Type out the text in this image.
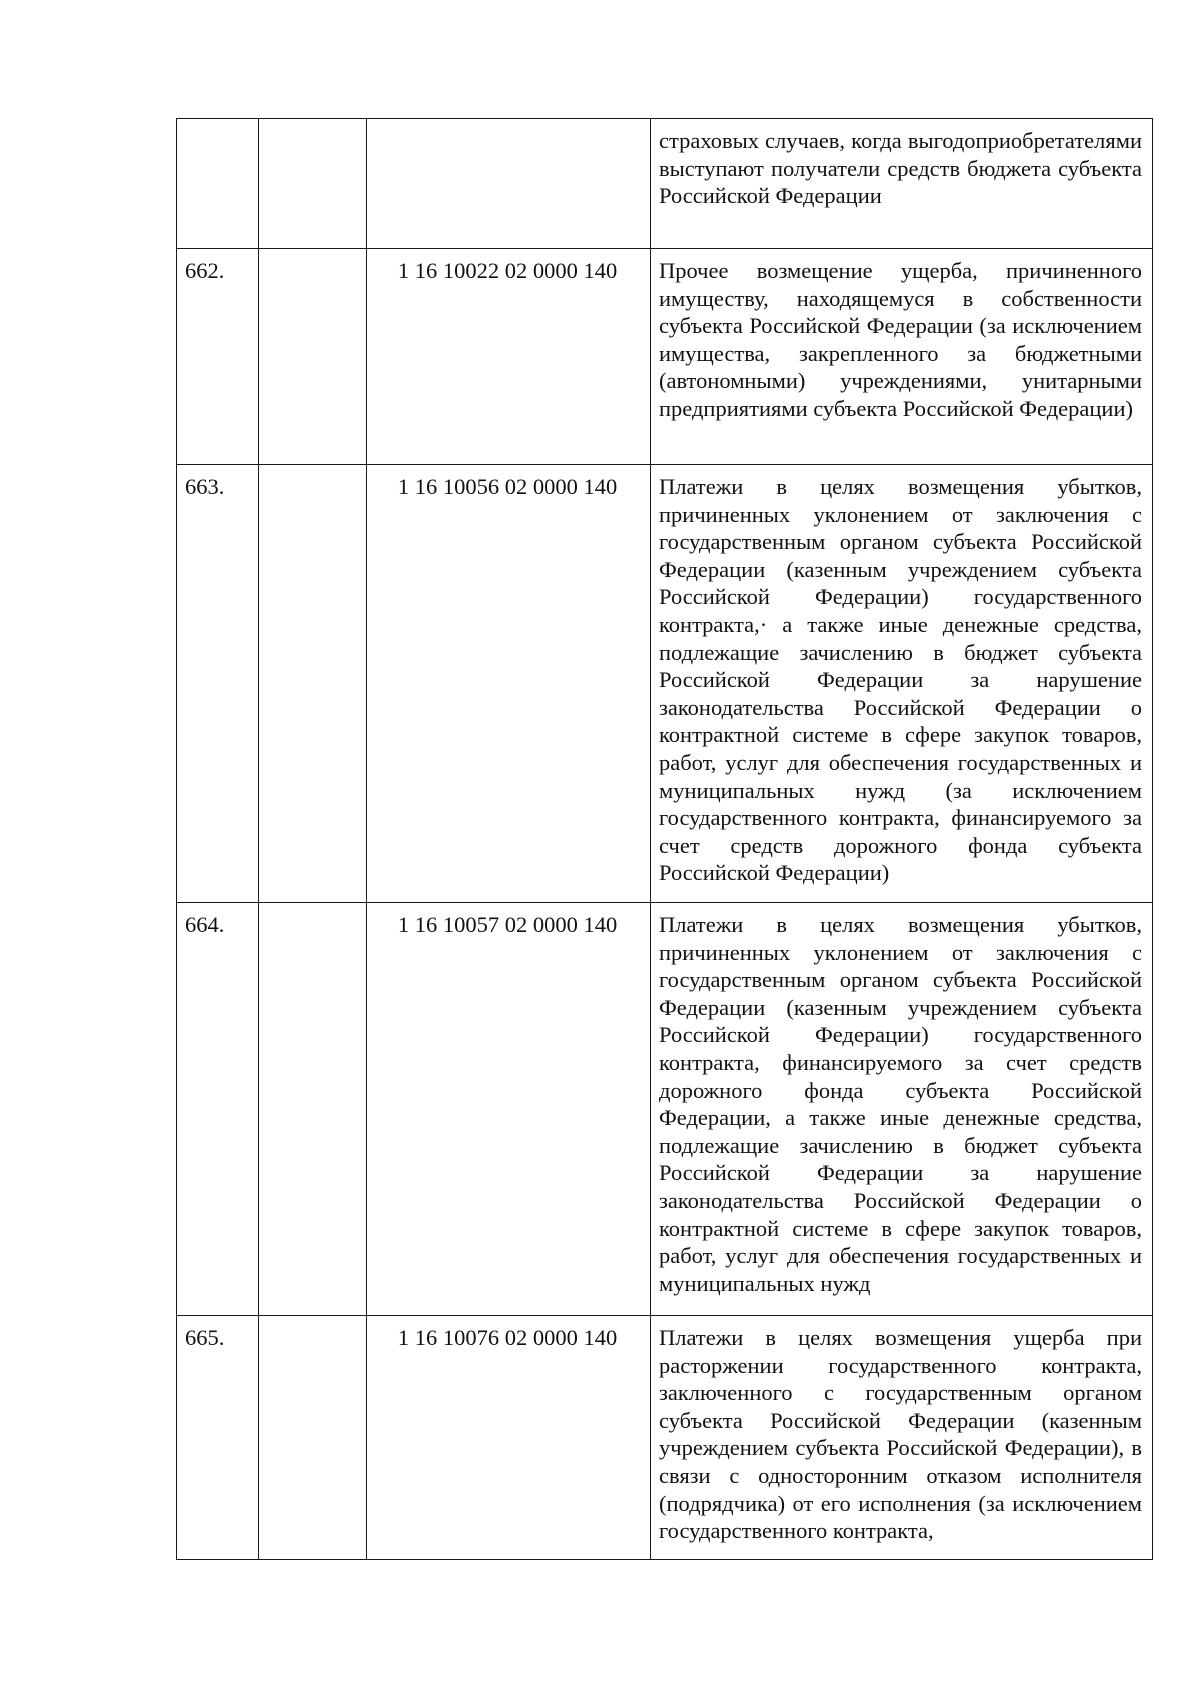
			страховых случаев, когда выгодоприобретателями выступают получатели средств бюджета субъекта Российской Федерации
662.		1 16 10022 02 0000 140	Прочее возмещение ущерба, причиненного имуществу, находящемуся в собственности субъекта Российской Федерации (за исключением имущества, закрепленного за бюджетными (автономными) учреждениями, унитарными предприятиями субъекта Российской Федерации)
663.		1 16 10056 02 0000 140	Платежи в целях возмещения убытков, причиненных уклонением от заключения с государственным органом субъекта Российской Федерации (казенным учреждением субъекта Российской Федерации) государственного контракта,· а также иные денежные средства, подлежащие зачислению в бюджет субъекта Российской Федерации за нарушение законодательства Российской Федерации о контрактной системе в сфере закупок товаров, работ, услуг для обеспечения государственных и муниципальных нужд (за исключением государственного контракта, финансируемого за счет средств дорожного фонда субъекта Российской Федерации)
664.		1 16 10057 02 0000 140	Платежи в целях возмещения убытков, причиненных уклонением от заключения с государственным органом субъекта Российской Федерации (казенным учреждением субъекта Российской Федерации) государственного контракта, финансируемого за счет средств дорожного фонда субъекта Российской Федерации, а также иные денежные средства, подлежащие зачислению в бюджет субъекта Российской Федерации за нарушение законодательства Российской Федерации о контрактной системе в сфере закупок товаров, работ, услуг для обеспечения государственных и муниципальных нужд
665.		1 16 10076 02 0000 140	Платежи в целях возмещения ущерба при расторжении государственного контракта, заключенного с государственным органом субъекта Российской Федерации (казенным учреждением субъекта Российской Федерации), в связи с односторонним отказом исполнителя (подрядчика) от его исполнения (за исключением государственного контракта,
